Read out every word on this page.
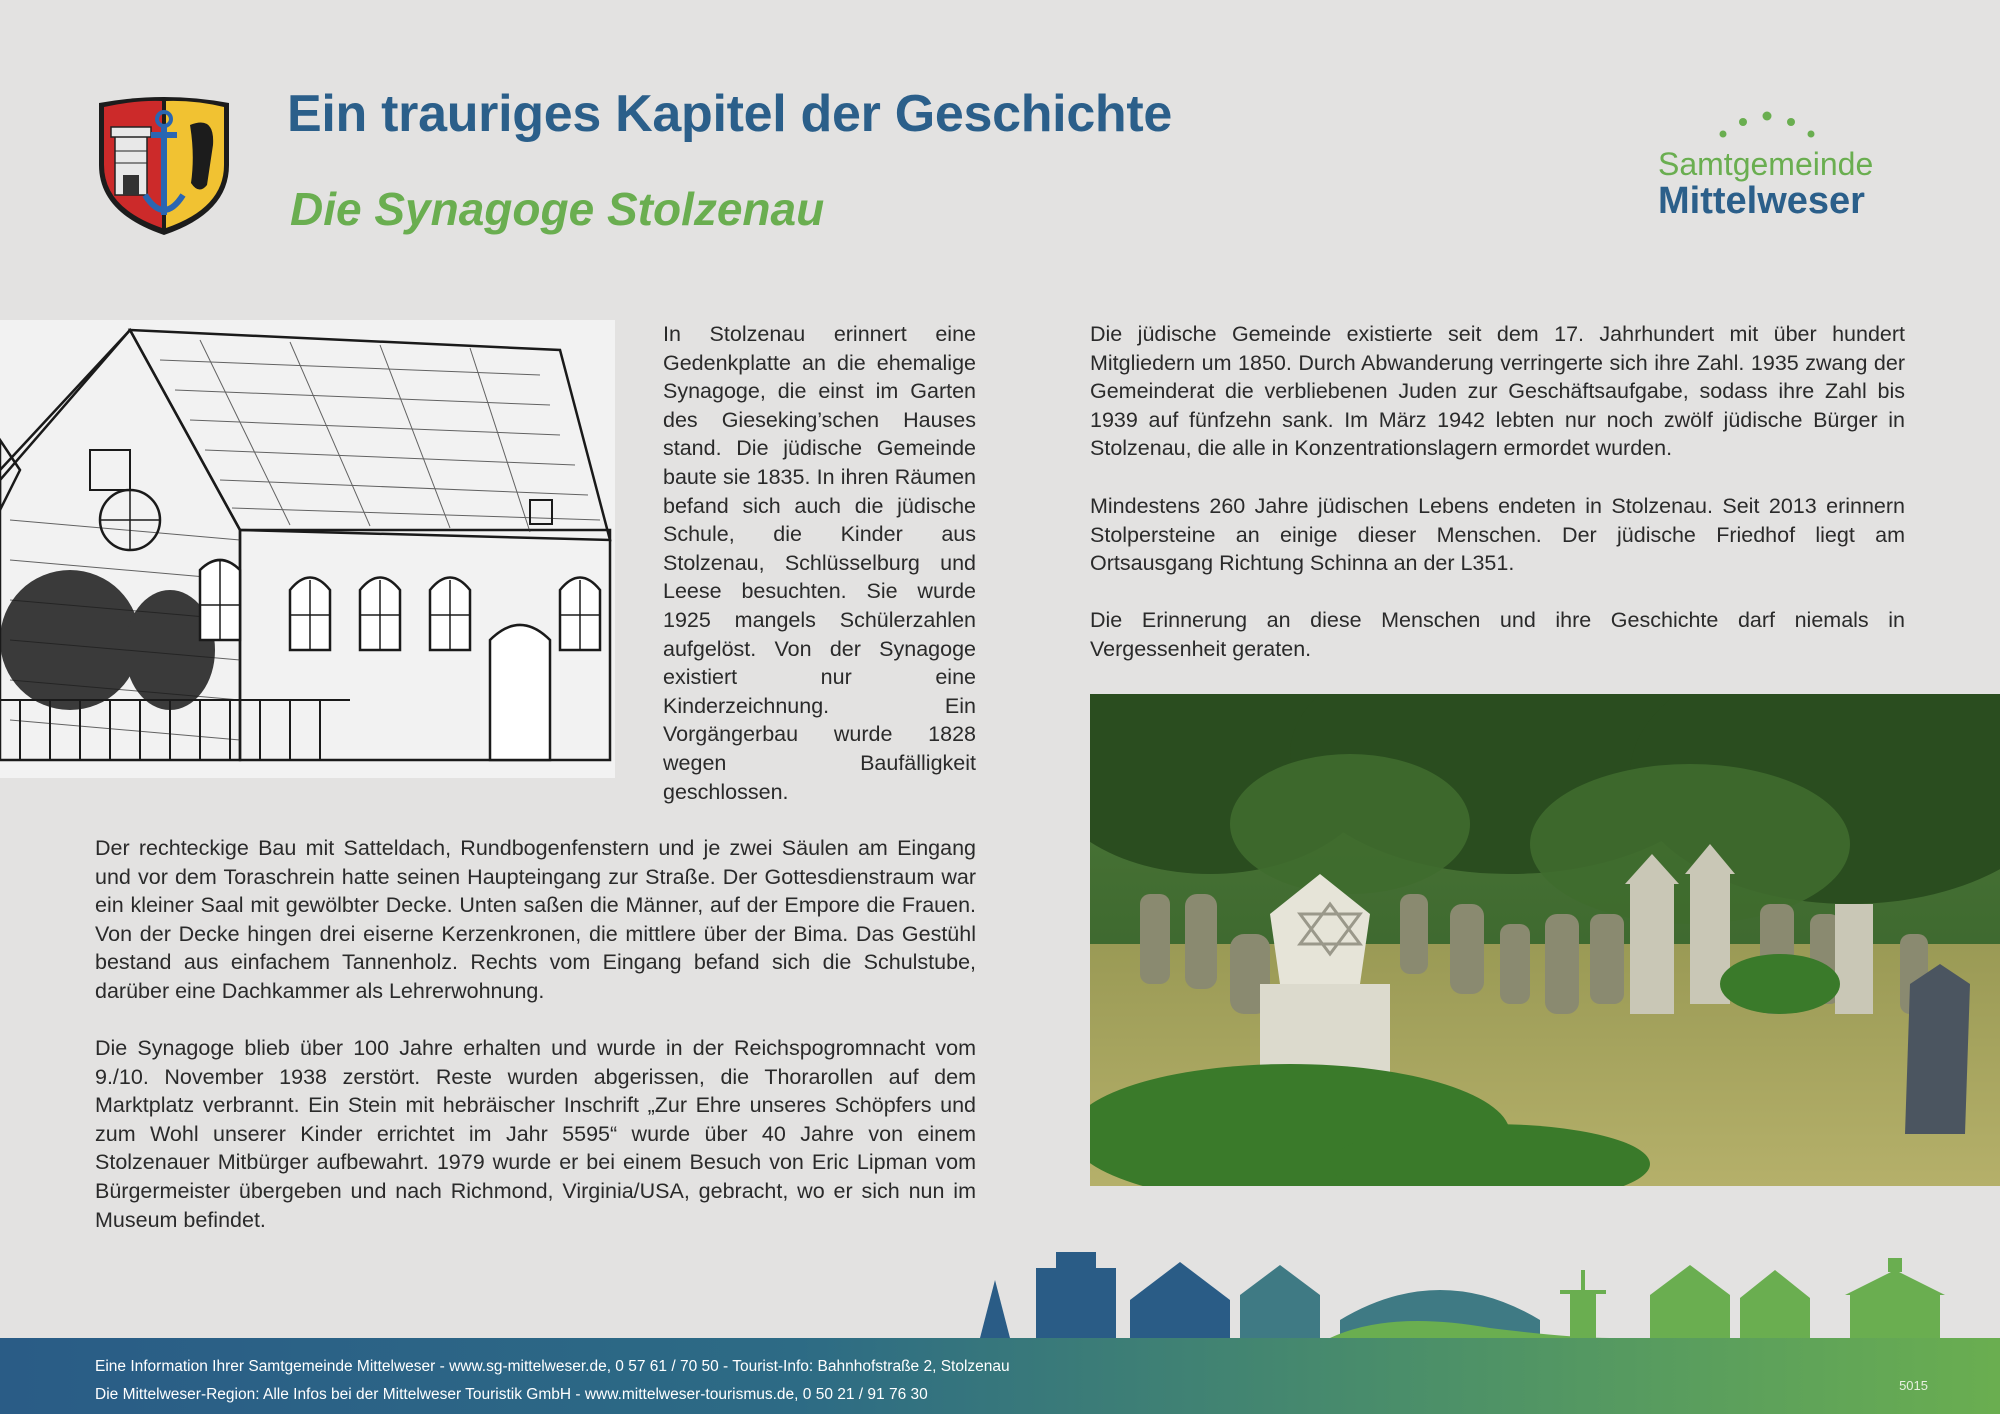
Ein trauriges Kapitel der Geschichte
Die Synagoge Stolzenau
Samtgemeinde
Mittelweser

In Stolzenau erinnert eine Gedenkplatte an die ehemalige Synagoge, die einst im Garten des Gieseking’schen Hauses stand. Die jüdische Gemeinde baute sie 1835. In ihren Räumen befand sich auch die jüdische Schule, die Kinder aus Stolzenau, Schlüsselburg und Leese besuchten. Sie wurde 1925 mangels Schülerzahlen aufgelöst. Von der Synagoge existiert nur eine Kinderzeichnung. Ein Vorgängerbau wurde 1828 wegen Baufälligkeit geschlossen.

Der rechteckige Bau mit Satteldach, Rundbogenfenstern und je zwei Säulen am Eingang und vor dem Toraschrein hatte seinen Haupteingang zur Straße. Der Gottesdienstraum war ein kleiner Saal mit gewölbter Decke. Unten saßen die Männer, auf der Empore die Frauen. Von der Decke hingen drei eiserne Kerzenkronen, die mittlere über der Bima. Das Gestühl bestand aus einfachem Tannenholz. Rechts vom Eingang befand sich die Schulstube, darüber eine Dachkammer als Lehrerwohnung.

Die Synagoge blieb über 100 Jahre erhalten und wurde in der Reichspogromnacht vom 9./10. November 1938 zerstört. Reste wurden abgerissen, die Thorarollen auf dem Marktplatz verbrannt. Ein Stein mit hebräischer Inschrift „Zur Ehre unseres Schöpfers und zum Wohl unserer Kinder errichtet im Jahr 5595“ wurde über 40 Jahre von einem Stolzenauer Mitbürger aufbewahrt. 1979 wurde er bei einem Besuch von Eric Lipman vom Bürgermeister übergeben und nach Richmond, Virginia/USA, gebracht, wo er sich nun im Museum befindet.

Die jüdische Gemeinde existierte seit dem 17. Jahrhundert mit über hundert Mitgliedern um 1850. Durch Abwanderung verringerte sich ihre Zahl. 1935 zwang der Gemeinderat die verbliebenen Juden zur Geschäftsaufgabe, sodass ihre Zahl bis 1939 auf fünfzehn sank. Im März 1942 lebten nur noch zwölf jüdische Bürger in Stolzenau, die alle in Konzentrationslagern ermordet wurden.

Mindestens 260 Jahre jüdischen Lebens endeten in Stolzenau. Seit 2013 erinnern Stolpersteine an einige dieser Menschen. Der jüdische Friedhof liegt am Ortsausgang Richtung Schinna an der L351.

Die Erinnerung an diese Menschen und ihre Geschichte darf niemals in Vergessenheit geraten.

Eine Information Ihrer Samtgemeinde Mittelweser - www.sg-mittelweser.de, 0 57 61 / 70 50 - Tourist-Info: Bahnhofstraße 2, Stolzenau
Die Mittelweser-Region: Alle Infos bei der Mittelweser Touristik GmbH - www.mittelweser-tourismus.de, 0 50 21 / 91 76 30
5015
